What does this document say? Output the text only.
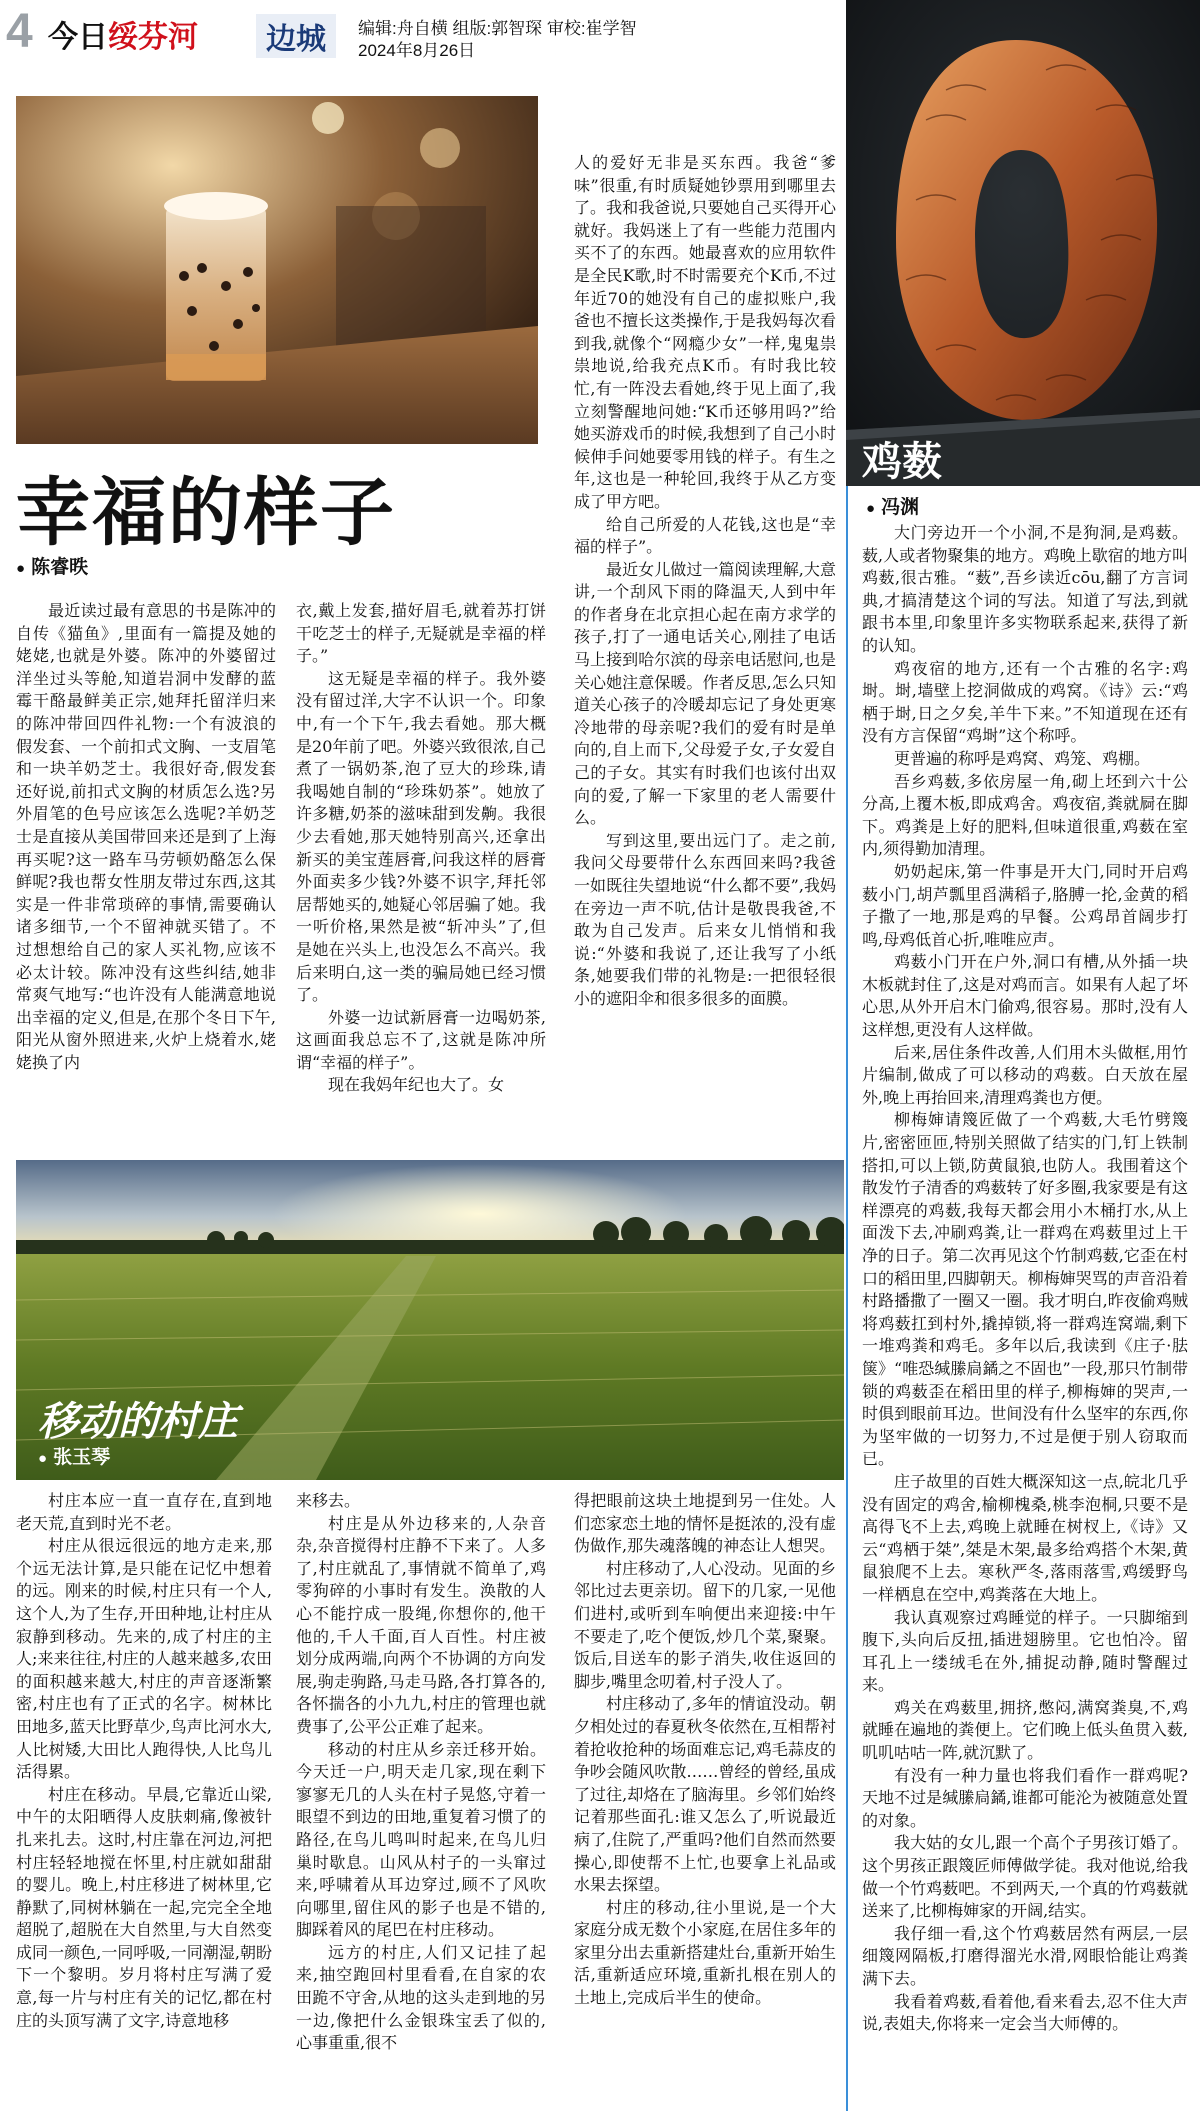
4 今日绥芬河	边城	编辑:舟自横 组版:郭智琛 审校:崔学智
2024年8月26日
幸福的样子
● 陈睿昳

最近读过最有意思的书是陈冲的自传《猫鱼》,里面有一篇提及她的姥姥,也就是外婆。陈冲的外婆留过洋坐过头等舱,知道岩洞中发酵的蓝霉干酪最鲜美正宗,她拜托留洋归来的陈冲带回四件礼物:一个有波浪的假发套、一个前扣式文胸、一支眉笔和一块羊奶芝士。我很好奇,假发套还好说,前扣式文胸的材质怎么选?另外眉笔的色号应该怎么选呢?羊奶芝士是直接从美国带回来还是到了上海再买呢?这一路车马劳顿奶酪怎么保鲜呢?我也帮女性朋友带过东西,这其实是一件非常琐碎的事情,需要确认诸多细节,一个不留神就买错了。不过想想给自己的家人买礼物,应该不必太计较。陈冲没有这些纠结,她非常爽气地写:“也许没有人能满意地说出幸福的定义,但是,在那个冬日下午,阳光从窗外照进来,火炉上烧着水,姥姥换了内

衣,戴上发套,描好眉毛,就着苏打饼干吃芝士的样子,无疑就是幸福的样子。”

这无疑是幸福的样子。我外婆没有留过洋,大字不认识一个。印象中,有一个下午,我去看她。那大概是20年前了吧。外婆兴致很浓,自己煮了一锅奶茶,泡了豆大的珍珠,请我喝她自制的“珍珠奶茶”。她放了许多糖,奶茶的滋味甜到发齁。我很少去看她,那天她特别高兴,还拿出新买的美宝莲唇膏,问我这样的唇膏外面卖多少钱?外婆不识字,拜托邻居帮她买的,她疑心邻居骗了她。我一听价格,果然是被“斩冲头”了,但是她在兴头上,也没怎么不高兴。我后来明白,这一类的骗局她已经习惯了。

外婆一边试新唇膏一边喝奶茶,这画面我总忘不了,这就是陈冲所谓“幸福的样子”。

现在我妈年纪也大了。女

人的爱好无非是买东西。我爸“爹味”很重,有时质疑她钞票用到哪里去了。我和我爸说,只要她自己买得开心就好。我妈迷上了有一些能力范围内买不了的东西。她最喜欢的应用软件是全民K歌,时不时需要充个K币,不过年近70的她没有自己的虚拟账户,我爸也不擅长这类操作,于是我妈每次看到我,就像个“网瘾少女”一样,鬼鬼祟祟地说,给我充点K币。有时我比较忙,有一阵没去看她,终于见上面了,我立刻警醒地问她:“K币还够用吗?”给她买游戏币的时候,我想到了自己小时候伸手问她要零用钱的样子。有生之年,这也是一种轮回,我终于从乙方变成了甲方吧。

给自己所爱的人花钱,这也是“幸福的样子”。

最近女儿做过一篇阅读理解,大意讲,一个刮风下雨的降温天,人到中年的作者身在北京担心起在南方求学的孩子,打了一通电话关心,刚挂了电话马上接到哈尔滨的母亲电话慰问,也是关心她注意保暖。作者反思,怎么只知道关心孩子的冷暖却忘记了身处更寒冷地带的母亲呢?我们的爱有时是单向的,自上而下,父母爱子女,子女爱自己的子女。其实有时我们也该付出双向的爱,了解一下家里的老人需要什么。

写到这里,要出远门了。走之前,我问父母要带什么东西回来吗?我爸一如既往失望地说“什么都不要”,我妈在旁边一声不吭,估计是敬畏我爸,不敢为自己发声。后来女儿悄悄和我说:“外婆和我说了,还让我写了小纸条,她要我们带的礼物是:一把很轻很小的遮阳伞和很多很多的面膜。

移动的村庄
● 张玉琴

村庄本应一直一直存在,直到地老天荒,直到时光不老。

村庄从很远很远的地方走来,那个远无法计算,是只能在记忆中想着的远。刚来的时候,村庄只有一个人,这个人,为了生存,开田种地,让村庄从寂静到移动。先来的,成了村庄的主人;来来往往,村庄的人越来越多,农田的面积越来越大,村庄的声音逐渐繁密,村庄也有了正式的名字。树林比田地多,蓝天比野草少,鸟声比河水大,人比树矮,大田比人跑得快,人比鸟儿活得累。

村庄在移动。早晨,它靠近山梁,中午的太阳晒得人皮肤刺痛,像被针扎来扎去。这时,村庄靠在河边,河把村庄轻轻地搅在怀里,村庄就如甜甜的婴儿。晚上,村庄移进了树林里,它静默了,同树林躺在一起,完完全全地超脱了,超脱在大自然里,与大自然变成同一颜色,一同呼吸,一同潮湿,朝盼下一个黎明。岁月将村庄写满了爱意,每一片与村庄有关的记忆,都在村庄的头顶写满了文字,诗意地移

来移去。

村庄是从外边移来的,人杂音杂,杂音搅得村庄静不下来了。人多了,村庄就乱了,事情就不简单了,鸡零狗碎的小事时有发生。涣散的人心不能拧成一股绳,你想你的,他干他的,千人千面,百人百性。村庄被划分成两端,向两个不协调的方向发展,驹走驹路,马走马路,各打算各的,各怀揣各的小九九,村庄的管理也就费事了,公平公正难了起来。

移动的村庄从乡亲迁移开始。今天迁一户,明天走几家,现在剩下寥寥无几的人头在村子晃悠,守着一眼望不到边的田地,重复着习惯了的路径,在鸟儿鸣叫时起来,在鸟儿归巢时歇息。山风从村子的一头窜过来,呼啸着从耳边穿过,顾不了风吹向哪里,留住风的影子也是不错的,脚踩着风的尾巴在村庄移动。

远方的村庄,人们又记挂了起来,抽空跑回村里看看,在自家的农田跪不守舍,从地的这头走到地的另一边,像把什么金银珠宝丢了似的,心事重重,很不

得把眼前这块土地提到另一住处。人们恋家恋土地的情怀是挺浓的,没有虚伪做作,那失魂落魄的神态让人想哭。

村庄移动了,人心没动。见面的乡邻比过去更亲切。留下的几家,一见他们进村,或听到车响便出来迎接:中午不要走了,吃个便饭,炒几个菜,聚聚。饭后,目送车的影子消失,收住返回的脚步,嘴里念叨着,村子没人了。

村庄移动了,多年的情谊没动。朝夕相处过的春夏秋冬依然在,互相帮衬着抢收抢种的场面难忘记,鸡毛蒜皮的争吵会随风吹散……曾经的曾经,虽成了过往,却烙在了脑海里。乡邻们始终记着那些面孔:谁又怎么了,听说最近病了,住院了,严重吗?他们自然而然要操心,即使帮不上忙,也要拿上礼品或水果去探望。

村庄的移动,往小里说,是一个大家庭分成无数个小家庭,在居住多年的家里分出去重新搭建灶台,重新开始生活,重新适应环境,重新扎根在别人的土地上,完成后半生的使命。

鸡薮
● 冯渊

大门旁边开一个小洞,不是狗洞,是鸡薮。薮,人或者物聚集的地方。鸡晚上歇宿的地方叫鸡薮,很古雅。“薮”,吾乡读近cōu,翻了方言词典,才搞清楚这个词的写法。知道了写法,到就跟书本里,印象里许多实物联系起来,获得了新的认知。

鸡夜宿的地方,还有一个古雅的名字:鸡埘。埘,墙壁上挖洞做成的鸡窝。《诗》云:“鸡栖于埘,日之夕矣,羊牛下来。”不知道现在还有没有方言保留“鸡埘”这个称呼。

更普遍的称呼是鸡窝、鸡笼、鸡棚。

吾乡鸡薮,多依房屋一角,砌上坯到六十公分高,上覆木板,即成鸡舍。鸡夜宿,粪就屙在脚下。鸡粪是上好的肥料,但味道很重,鸡薮在室内,须得勤加清理。

奶奶起床,第一件事是开大门,同时开启鸡薮小门,胡芦瓢里舀满稻子,胳膊一抡,金黄的稻子撒了一地,那是鸡的早餐。公鸡昂首阔步打鸣,母鸡低首心折,唯唯应声。

鸡薮小门开在户外,洞口有槽,从外插一块木板就封住了,这是对鸡而言。如果有人起了坏心思,从外开启木门偷鸡,很容易。那时,没有人这样想,更没有人这样做。

后来,居住条件改善,人们用木头做框,用竹片编制,做成了可以移动的鸡薮。白天放在屋外,晚上再抬回来,清理鸡粪也方便。

柳梅婶请篾匠做了一个鸡薮,大毛竹劈篾片,密密匝匝,特别关照做了结实的门,钉上铁制搭扣,可以上锁,防黄鼠狼,也防人。我围着这个散发竹子清香的鸡薮转了好多圈,我家要是有这样漂亮的鸡薮,我每天都会用小木桶打水,从上面泼下去,冲刷鸡粪,让一群鸡在鸡薮里过上干净的日子。第二次再见这个竹制鸡薮,它歪在村口的稻田里,四脚朝天。柳梅婶哭骂的声音沿着村路播撒了一圈又一圈。我才明白,昨夜偷鸡贼将鸡薮扛到村外,撬掉锁,将一群鸡连窝端,剩下一堆鸡粪和鸡毛。多年以后,我读到《庄子·胠箧》“唯恐缄縢扃鐍之不固也”一段,那只竹制带锁的鸡薮歪在稻田里的样子,柳梅婶的哭声,一时俱到眼前耳边。世间没有什么坚牢的东西,你为坚牢做的一切努力,不过是便于别人窃取而已。

庄子故里的百姓大概深知这一点,皖北几乎没有固定的鸡舍,榆柳槐桑,桃李泡桐,只要不是高得飞不上去,鸡晚上就睡在树杈上,《诗》又云“鸡栖于桀”,桀是木架,最多给鸡搭个木架,黄鼠狼爬不上去。寒秋严冬,落雨落雪,鸡缓野鸟一样栖息在空中,鸡粪落在大地上。

我认真观察过鸡睡觉的样子。一只脚缩到腹下,头向后反扭,插进翅膀里。它也怕冷。留耳孔上一缕绒毛在外,捕捉动静,随时警醒过来。

鸡关在鸡薮里,拥挤,憋闷,满窝粪臭,不,鸡就睡在遍地的粪便上。它们晚上低头鱼贯入薮,叽叽咕咕一阵,就沉默了。

有没有一种力量也将我们看作一群鸡呢?天地不过是缄縢扃鐍,谁都可能沦为被随意处置的对象。

我大姑的女儿,跟一个高个子男孩订婚了。这个男孩正跟篾匠师傅做学徒。我对他说,给我做一个竹鸡薮吧。不到两天,一个真的竹鸡薮就送来了,比柳梅婶家的开阔,结实。

我仔细一看,这个竹鸡薮居然有两层,一层细篾网隔板,打磨得溜光水滑,网眼恰能让鸡粪满下去。

我看着鸡薮,看着他,看来看去,忍不住大声说,表姐夫,你将来一定会当大师傅的。
